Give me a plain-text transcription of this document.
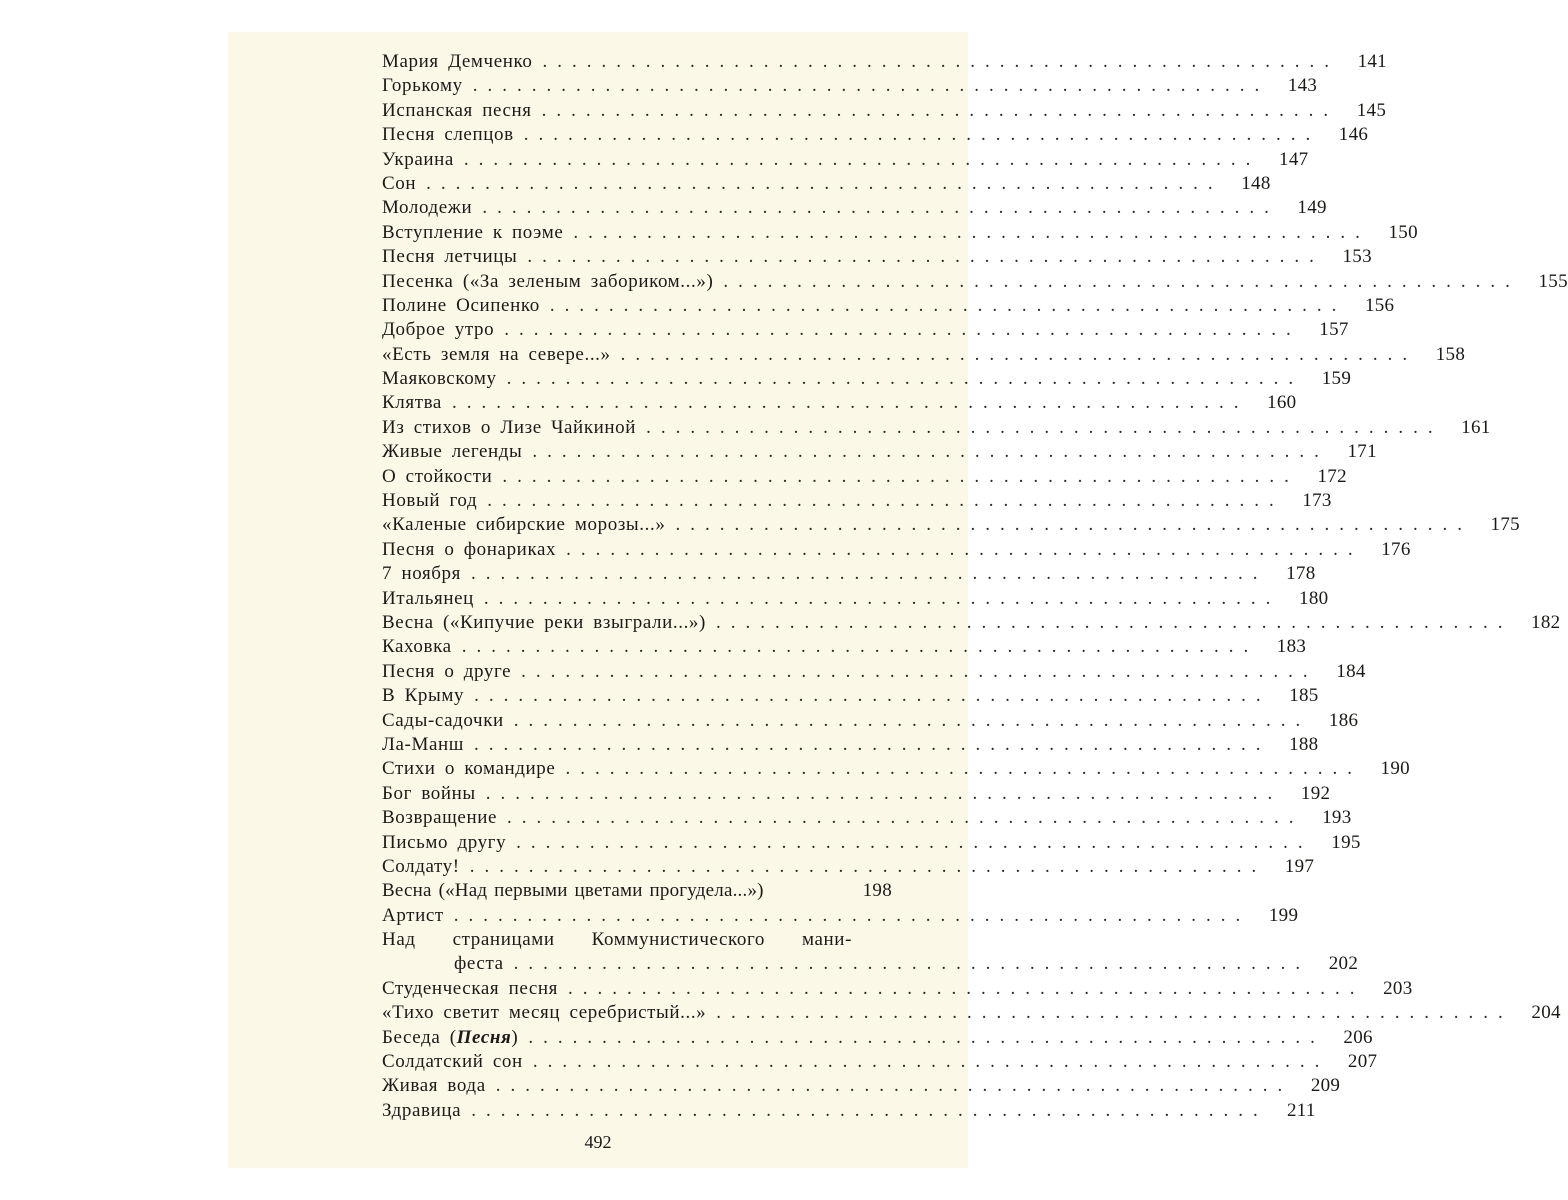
Мария Демченко ...................................................... 141
Горькому ...................................................... 143
Испанская песня ...................................................... 145
Песня слепцов ...................................................... 146
Украина ...................................................... 147
Сон ...................................................... 148
Молодежи ...................................................... 149
Вступление к поэме ...................................................... 150
Песня летчицы ...................................................... 153
Песенка («За зеленым забориком...») ...................................................... 155
Полине Осипенко ...................................................... 156
Доброе утро ...................................................... 157
«Есть земля на севере...» ...................................................... 158
Маяковскому ...................................................... 159
Клятва ...................................................... 160
Из стихов о Лизе Чайкиной ...................................................... 161
Живые легенды ...................................................... 171
О стойкости ...................................................... 172
Новый год ...................................................... 173
«Каленые сибирские морозы...» ...................................................... 175
Песня о фонариках ...................................................... 176
7 ноября ...................................................... 178
Итальянец ...................................................... 180
Весна («Кипучие реки взыграли...») ...................................................... 182
Каховка ...................................................... 183
Песня о друге ...................................................... 184
В Крыму ...................................................... 185
Сады-садочки ...................................................... 186
Ла-Манш ...................................................... 188
Стихи о командире ...................................................... 190
Бог войны ...................................................... 192
Возвращение ...................................................... 193
Письмо другу ...................................................... 195
Солдату! ...................................................... 197
Весна («Над первыми цветами прогудела...»)	198
Артист ...................................................... 199
Над страницами Коммунистического мани-
феста ...................................................... 202
Студенческая песня ...................................................... 203
«Тихо светит месяц серебристый...» ...................................................... 204
Беседа (Песня) ...................................................... 206
Солдатский сон ...................................................... 207
Живая вода ...................................................... 209
Здравица ......................................................	211
492
